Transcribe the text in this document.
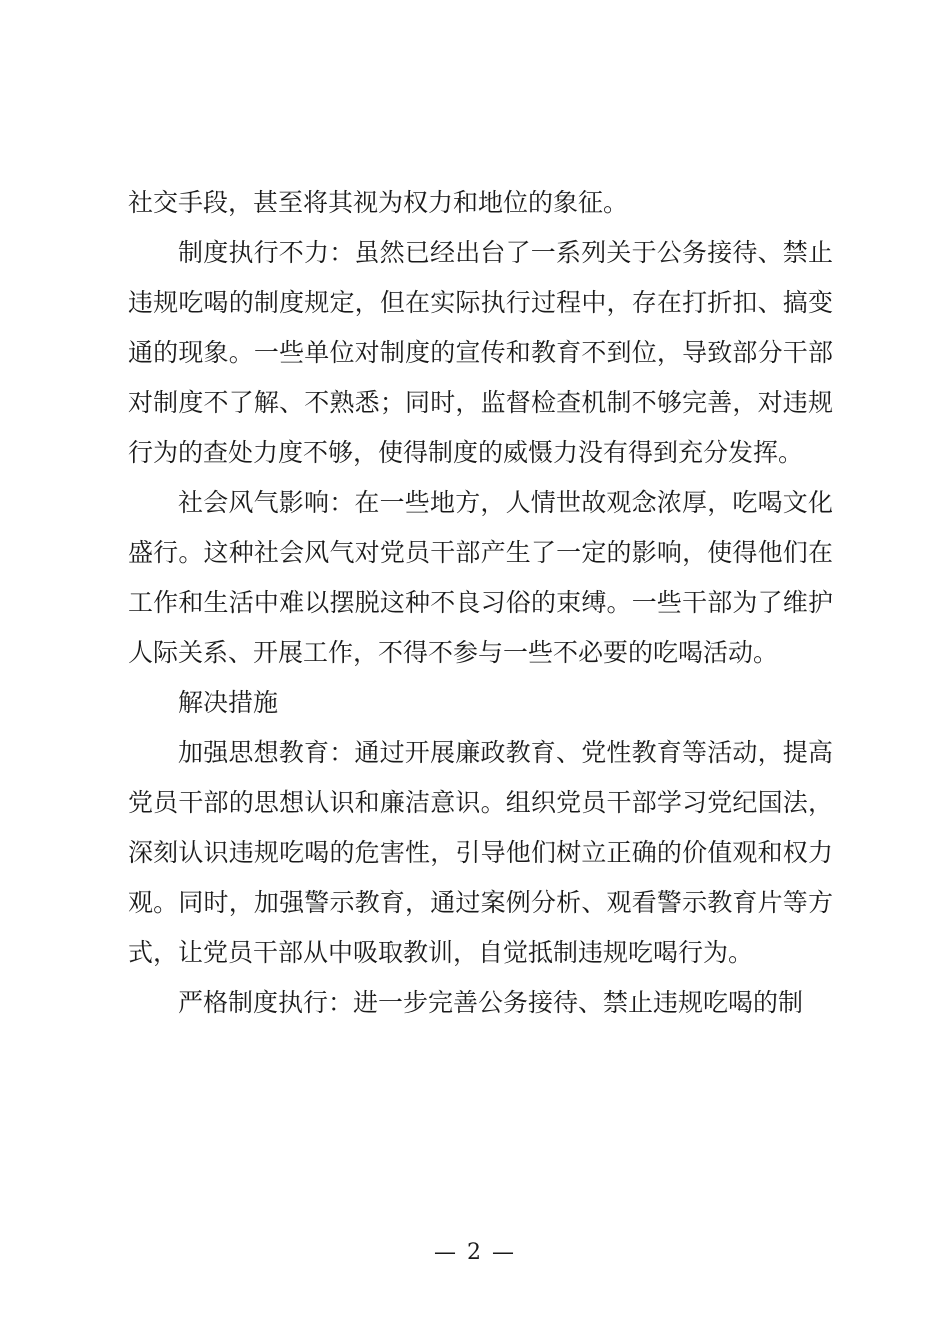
社交手段，甚至将其视为权力和地位的象征。

制度执行不力：虽然已经出台了一系列关于公务接待、禁止违规吃喝的制度规定，但在实际执行过程中，存在打折扣、搞变通的现象。一些单位对制度的宣传和教育不到位，导致部分干部对制度不了解、不熟悉；同时，监督检查机制不够完善，对违规行为的查处力度不够，使得制度的威慑力没有得到充分发挥。

社会风气影响：在一些地方，人情世故观念浓厚，吃喝文化盛行。这种社会风气对党员干部产生了一定的影响，使得他们在工作和生活中难以摆脱这种不良习俗的束缚。一些干部为了维护人际关系、开展工作，不得不参与一些不必要的吃喝活动。

解决措施

加强思想教育：通过开展廉政教育、党性教育等活动，提高党员干部的思想认识和廉洁意识。组织党员干部学习党纪国法，深刻认识违规吃喝的危害性，引导他们树立正确的价值观和权力观。同时，加强警示教育，通过案例分析、观看警示教育片等方式，让党员干部从中吸取教训，自觉抵制违规吃喝行为。

严格制度执行：进一步完善公务接待、禁止违规吃喝的制

— 2 —
